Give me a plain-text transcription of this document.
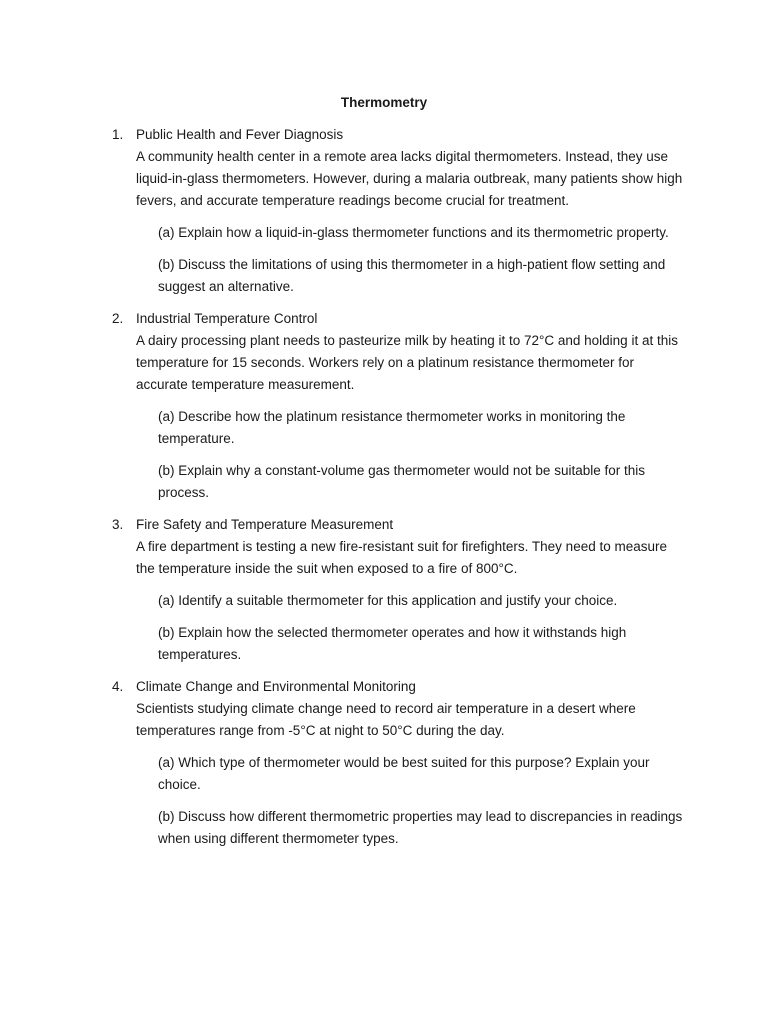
Thermometry
1. Public Health and Fever Diagnosis
A community health center in a remote area lacks digital thermometers. Instead, they use liquid-in-glass thermometers. However, during a malaria outbreak, many patients show high fevers, and accurate temperature readings become crucial for treatment.
(a) Explain how a liquid-in-glass thermometer functions and its thermometric property.
(b) Discuss the limitations of using this thermometer in a high-patient flow setting and suggest an alternative.
2. Industrial Temperature Control
A dairy processing plant needs to pasteurize milk by heating it to 72°C and holding it at this temperature for 15 seconds. Workers rely on a platinum resistance thermometer for accurate temperature measurement.
(a) Describe how the platinum resistance thermometer works in monitoring the temperature.
(b) Explain why a constant-volume gas thermometer would not be suitable for this process.
3. Fire Safety and Temperature Measurement
A fire department is testing a new fire-resistant suit for firefighters. They need to measure the temperature inside the suit when exposed to a fire of 800°C.
(a) Identify a suitable thermometer for this application and justify your choice.
(b) Explain how the selected thermometer operates and how it withstands high temperatures.
4. Climate Change and Environmental Monitoring
Scientists studying climate change need to record air temperature in a desert where temperatures range from -5°C at night to 50°C during the day.
(a) Which type of thermometer would be best suited for this purpose? Explain your choice.
(b) Discuss how different thermometric properties may lead to discrepancies in readings when using different thermometer types.
